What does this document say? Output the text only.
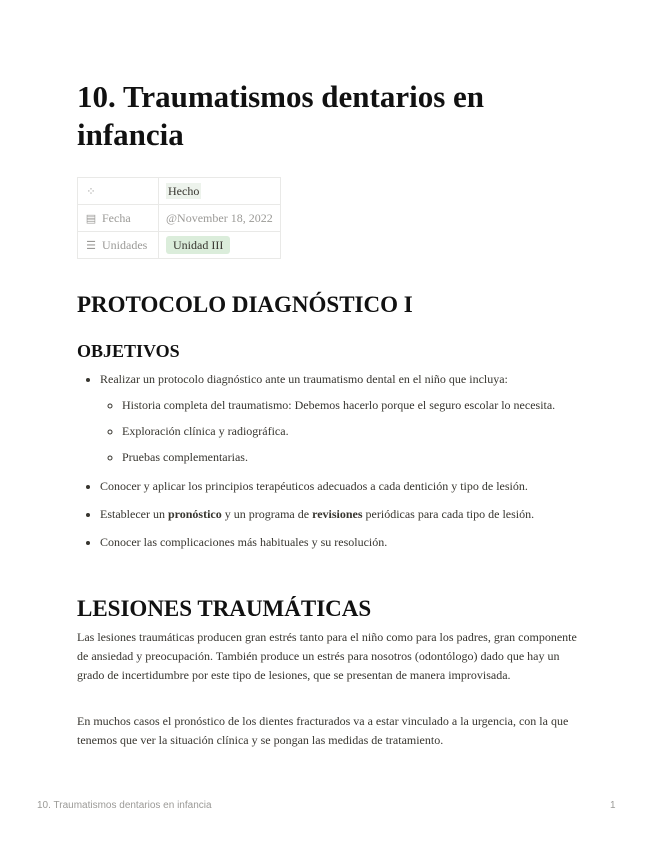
10. Traumatismos dentarios en infancia
⁘	Hecho
▤ Fecha	@November 18, 2022
☰ Unidades	Unidad III
PROTOCOLO DIAGNÓSTICO I
OBJETIVOS
• Realizar un protocolo diagnóstico ante un traumatismo dental en el niño que incluya:
◦ Historia completa del traumatismo: Debemos hacerlo porque el seguro escolar lo necesita.
◦ Exploración clínica y radiográfica.
◦ Pruebas complementarias.
• Conocer y aplicar los principios terapéuticos adecuados a cada dentición y tipo de lesión.
• Establecer un pronóstico y un programa de revisiones periódicas para cada tipo de lesión.
• Conocer las complicaciones más habituales y su resolución.
LESIONES TRAUMÁTICAS

Las lesiones traumáticas producen gran estrés tanto para el niño como para los padres, gran componente de ansiedad y preocupación. También produce un estrés para nosotros (odontólogo) dado que hay un grado de incertidumbre por este tipo de lesiones, que se presentan de manera improvisada.

En muchos casos el pronóstico de los dientes fracturados va a estar vinculado a la urgencia, con la que tenemos que ver la situación clínica y se pongan las medidas de tratamiento.

10. Traumatismos dentarios en infancia	1
